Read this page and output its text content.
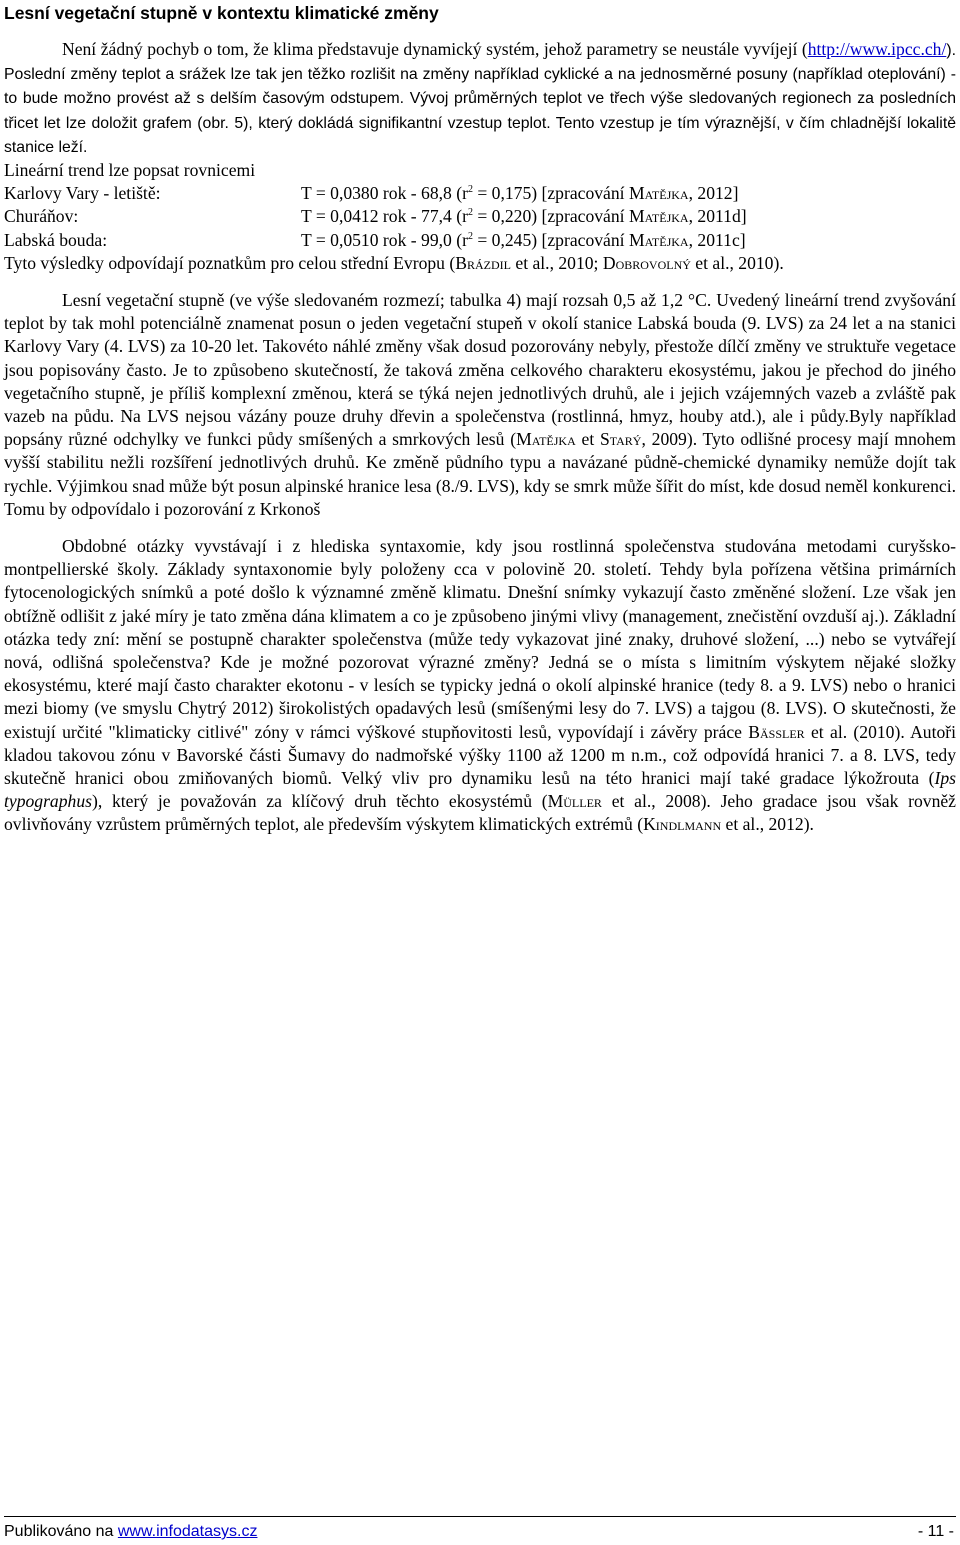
Lesní vegetační stupně v kontextu klimatické změny

Není žádný pochyb o tom, že klima představuje dynamický systém, jehož parametry se neustále vyvíjejí (http://www.ipcc.ch/). Poslední změny teplot a srážek lze tak jen těžko rozlišit na změny například cyklické a na jednosměrné posuny (například oteplování) - to bude možno provést až s delším časovým odstupem. Vývoj průměrných teplot ve třech výše sledovaných regionech za posledních třicet let lze doložit grafem (obr. 5), který dokládá signifikantní vzestup teplot. Tento vzestup je tím výraznější, v čím chladnější lokalitě stanice leží.

Lineární trend lze popsat rovnicemi

Karlovy Vary - letiště:	T = 0,0380 rok - 68,8 $(r^2 = 0,175)$ [zpracování Matějka, 2012]
Churáňov:	T = 0,0412 rok - 77,4 $(r^2 = 0,220)$ [zpracování Matějka, 2011d]
Labská bouda:	T = 0,0510 rok - 99,0 $(r^2 = 0,245)$ [zpracování Matějka, 2011c]

Tyto výsledky odpovídají poznatkům pro celou střední Evropu (Brázdil et al., 2010; Dobrovolný et al., 2010).

Lesní vegetační stupně (ve výše sledovaném rozmezí; tabulka 4) mají rozsah 0,5 až 1,2 °C. Uvedený lineární trend zvyšování teplot by tak mohl potenciálně znamenat posun o jeden vegetační stupeň v okolí stanice Labská bouda (9. LVS) za 24 let a na stanici Karlovy Vary (4. LVS) za 10-20 let. Takovéto náhlé změny však dosud pozorovány nebyly, přestože dílčí změny ve struktuře vegetace jsou popisovány často. Je to způsobeno skutečností, že taková změna celkového charakteru ekosystému, jakou je přechod do jiného vegetačního stupně, je příliš komplexní změnou, která se týká nejen jednotlivých druhů, ale i jejich vzájemných vazeb a zvláště pak vazeb na půdu. Na LVS nejsou vázány pouze druhy dřevin a společenstva (rostlinná, hmyz, houby atd.), ale i půdy.Byly například popsány různé odchylky ve funkci půdy smíšených a smrkových lesů (Matějka et Starý, 2009). Tyto odlišné procesy mají mnohem vyšší stabilitu nežli rozšíření jednotlivých druhů. Ke změně půdního typu a navázané půdně-chemické dynamiky nemůže dojít tak rychle. Výjimkou snad může být posun alpinské hranice lesa (8./9. LVS), kdy se smrk může šířit do míst, kde dosud neměl konkurenci. Tomu by odpovídalo i pozorování z Krkonoš

Obdobné otázky vyvstávají i z hlediska syntaxomie, kdy jsou rostlinná společenstva studována metodami curyšsko-montpellierské školy. Základy syntaxonomie byly položeny cca v polovině 20. století. Tehdy byla pořízena většina primárních fytocenologických snímků a poté došlo k významné změně klimatu. Dnešní snímky vykazují často změněné složení. Lze však jen obtížně odlišit z jaké míry je tato změna dána klimatem a co je způsobeno jinými vlivy (management, znečistění ovzduší aj.). Základní otázka tedy zní: mění se postupně charakter společenstva (může tedy vykazovat jiné znaky, druhové složení, ...) nebo se vytvářejí nová, odlišná společenstva? Kde je možné pozorovat výrazné změny? Jedná se o místa s limitním výskytem nějaké složky ekosystému, které mají často charakter ekotonu - v lesích se typicky jedná o okolí alpinské hranice (tedy 8. a 9. LVS) nebo o hranici mezi biomy (ve smyslu Chytrý 2012) širokolistých opadavých lesů (smíšenými lesy do 7. LVS) a tajgou (8. LVS). O skutečnosti, že existují určité "klimaticky citlivé" zóny v rámci výškové stupňovitosti lesů, vypovídají i závěry práce Bässler et al. (2010). Autoři kladou takovou zónu v Bavorské části Šumavy do nadmořské výšky 1100 až 1200 m n.m., což odpovídá hranici 7. a 8. LVS, tedy skutečně hranici obou zmiňovaných biomů. Velký vliv pro dynamiku lesů na této hranici mají také gradace lýkožrouta (Ips typographus), který je považován za klíčový druh těchto ekosystémů (Müller et al., 2008). Jeho gradace jsou však rovněž ovlivňovány vzrůstem průměrných teplot, ale především výskytem klimatických extrémů (Kindlmann et al., 2012).

Publikováno na www.infodatasys.cz	- 11 -
